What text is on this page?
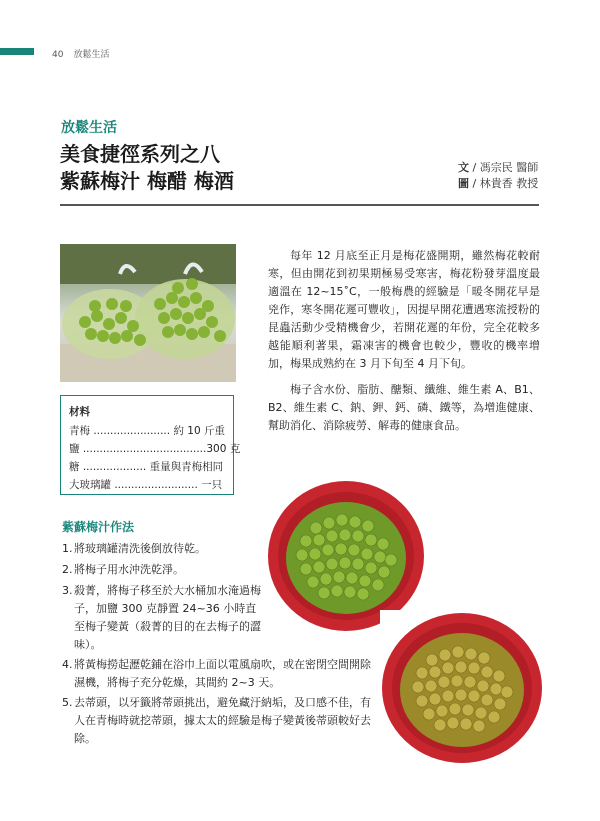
40 放鬆生活
放鬆生活
美食捷徑系列之八
紫蘇梅汁 梅醋 梅酒
文 / 馮宗民 醫師
圖 / 林貴香 教授

每年 12 月底至正月是梅花盛開期，雖然梅花較耐寒，但由開花到初果期極易受寒害，梅花粉發芽溫度最適溫在 12~15˚C，一般梅農的經驗是「暖冬開花早是兇作，寒冬開花遲可豐收」，因提早開花遭遇寒流授粉的昆蟲活動少受精機會少，若開花遲的年份，完全花較多越能順利著果，霜凍害的機會也較少，豐收的機率增加，梅果成熟約在 3 月下旬至 4 月下旬。

梅子含水份、脂肪、醣類、纖維、維生素 A、B1、B2、維生素 C、鈉、鉀、鈣、磷、鐵等，為增進健康、幫助消化、消除疲勞、解毒的健康食品。

材料
青梅 ....................... 約 10 斤重
鹽 .....................................300 克
糖 ................... 重量與青梅相同
大玻璃罐 ......................... 一只
紫蘇梅汁作法
1. 將玻璃罐清洗後倒放待乾。
2. 將梅子用水沖洗乾淨。
3. 殺菁，將梅子移至於大水桶加水淹過梅子，加鹽 300 克靜置 24~36 小時直至梅子變黃（殺菁的目的在去梅子的澀味）。
4. 將黃梅撈起瀝乾鋪在浴巾上面以電風扇吹，或在密閉空間開除濕機，將梅子充分乾燥，其間約 2~3 天。
5. 去蒂頭，以牙籤將蒂頭挑出，避免藏汙納垢，及口感不佳，有人在青梅時就挖蒂頭，據太太的經驗是梅子變黃後蒂頭較好去除。
